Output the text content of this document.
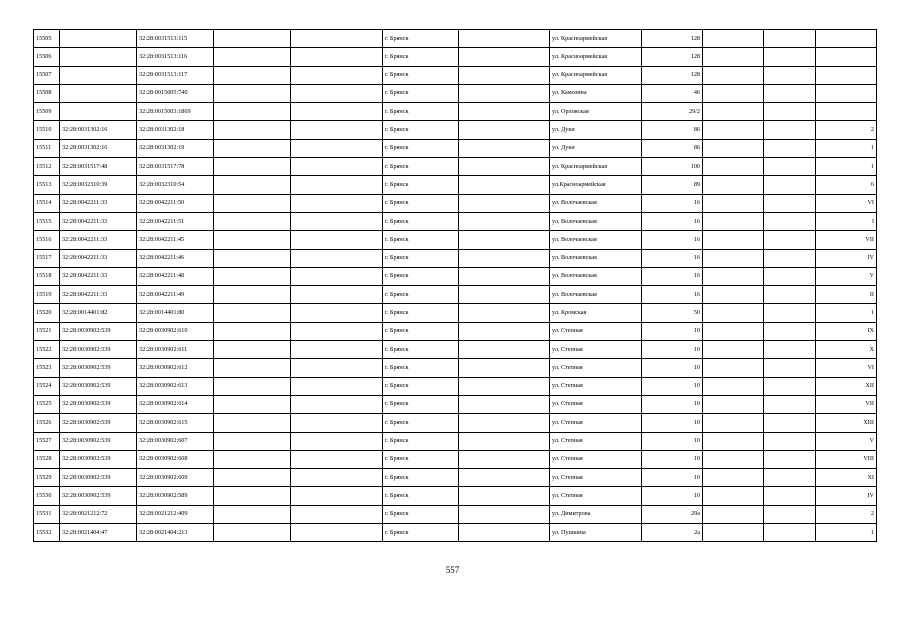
15505		32:28:0031513:115			г. Брянск		ул. Красноармейская	128			
15506		32:28:0031513:116			г. Брянск		ул. Красноармейская	128			
15507		32:28:0031513:117			г. Брянск		ул. Красноармейская	128			
15508		32:28:0015005:740			г. Брянск		ул. Камозина	46			
15509		32:28:0015003:1869			г. Брянск		ул. Орловская	29/2			
15510	32:28:0031302:16	32:28:0031302:18			г. Брянск		ул. Дуки	86			2
15511	32:28:0031302:16	32:28:0031302:19			г. Брянск		ул. Дуки	86			1
15512	32:28:0031517:48	32:28:0031517:78			г. Брянск		ул. Красноармейская	100			1
15513	32:28:0032310:39	32:28:0032310:54			г. Брянск		ул.Красноармейская	89			6
15514	32:28:0042211:33	32:28:0042211:50			г. Брянск		ул. Волочаевская	16			VI
15515	32:28:0042211:33	32:28:0042211:51			г. Брянск		ул. Волочаевская	16			I
15516	32:28:0042211:33	32:28:0042211:45			г. Брянск		ул. Волочаевская	16			VII
15517	32:28:0042211:33	32:28:0042211:46			г. Брянск		ул. Волочаевская	16			IV
15518	32:28:0042211:33	32:28:0042211:48			г. Брянск		ул. Волочаевская	16			V
15519	32:28:0042211:33	32:28:0042211:49			г. Брянск		ул. Волочаевская	16			II
15520	32:28:0014401:82	32:28:0014401:80			г. Брянск		ул. Кромская	50			1
15521	32:28:0030902:539	32:28:0030902:610			г. Брянск		ул. Степная	10			IX
15522	32:28:0030902:539	32:28:0030902:611			г. Брянск		ул. Степная	10			X
15523	32:28:0030902:539	32:28:0030902:612			г. Брянск		ул. Степная	10			VI
15524	32:28:0030902:539	32:28:0030902:613			г. Брянск		ул. Степная	10			XII
15525	32:28:0030902:539	32:28:0030902:614			г. Брянск		ул. Степная	10			VII
15526	32:28:0030902:539	32:28:0030902:615			г. Брянск		ул. Степная	10			XIII
15527	32:28:0030902:539	32:28:0030902:607			г. Брянск		ул. Степная	10			V
15528	32:28:0030902:539	32:28:0030902:608			г. Брянск		ул. Степная	10			VIII
15529	32:28:0030902:539	32:28:0030902:609			г. Брянск		ул. Степная	10			XI
15530	32:28:0030902:539	32:28:0030902:589			г. Брянск		ул. Степная	10			IV
15531	32:28:0021212:72	32:28:0021212:409			г. Брянск		ул. Димитрова	29а			2
15532	32:28:0021404:47	32:28:0021404:213			г. Брянск		ул. Пушкина	2а			1
557
